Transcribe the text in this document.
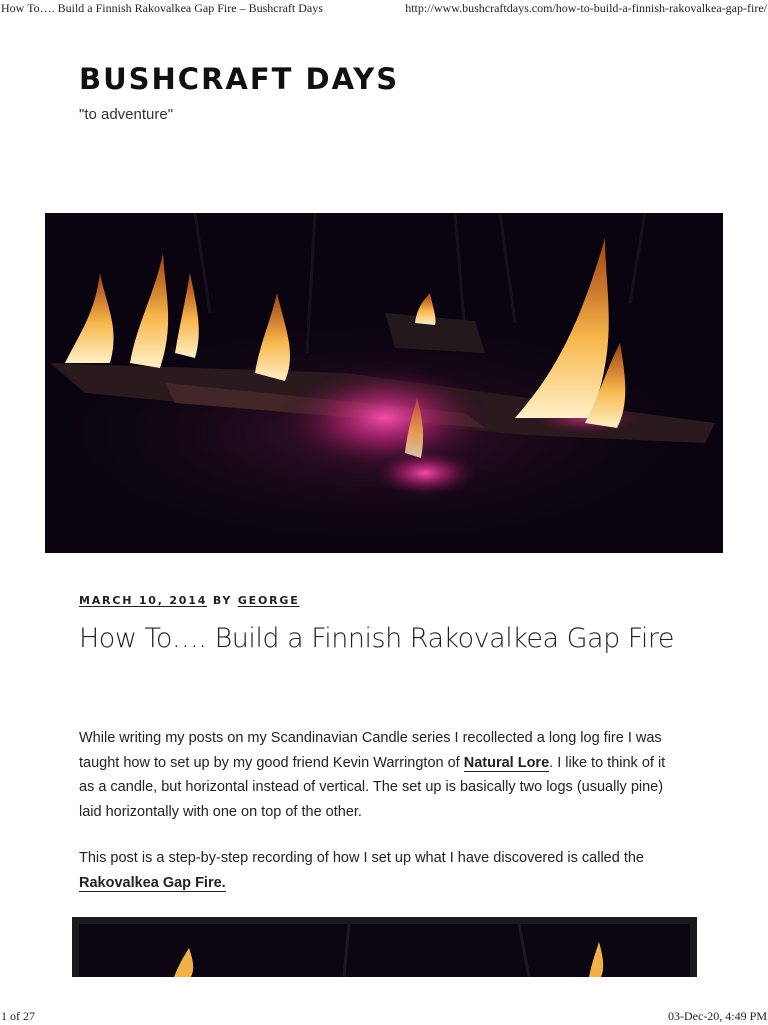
How To…. Build a Finnish Rakovalkea Gap Fire – Bushcraft Days	http://www.bushcraftdays.com/how-to-build-a-finnish-rakovalkea-gap-fire/
BUSHCRAFT DAYS
"to adventure"
MARCH 10, 2014 BY GEORGE
How To…. Build a Finnish Rakovalkea Gap Fire

While writing my posts on my Scandinavian Candle series I recollected a long log fire I was taught how to set up by my good friend Kevin Warrington of Natural Lore. I like to think of it as a candle, but horizontal instead of vertical. The set up is basically two logs (usually pine) laid horizontally with one on top of the other.

This post is a step-by-step recording of how I set up what I have discovered is called the Rakovalkea Gap Fire.

1 of 27	03-Dec-20, 4:49 PM
